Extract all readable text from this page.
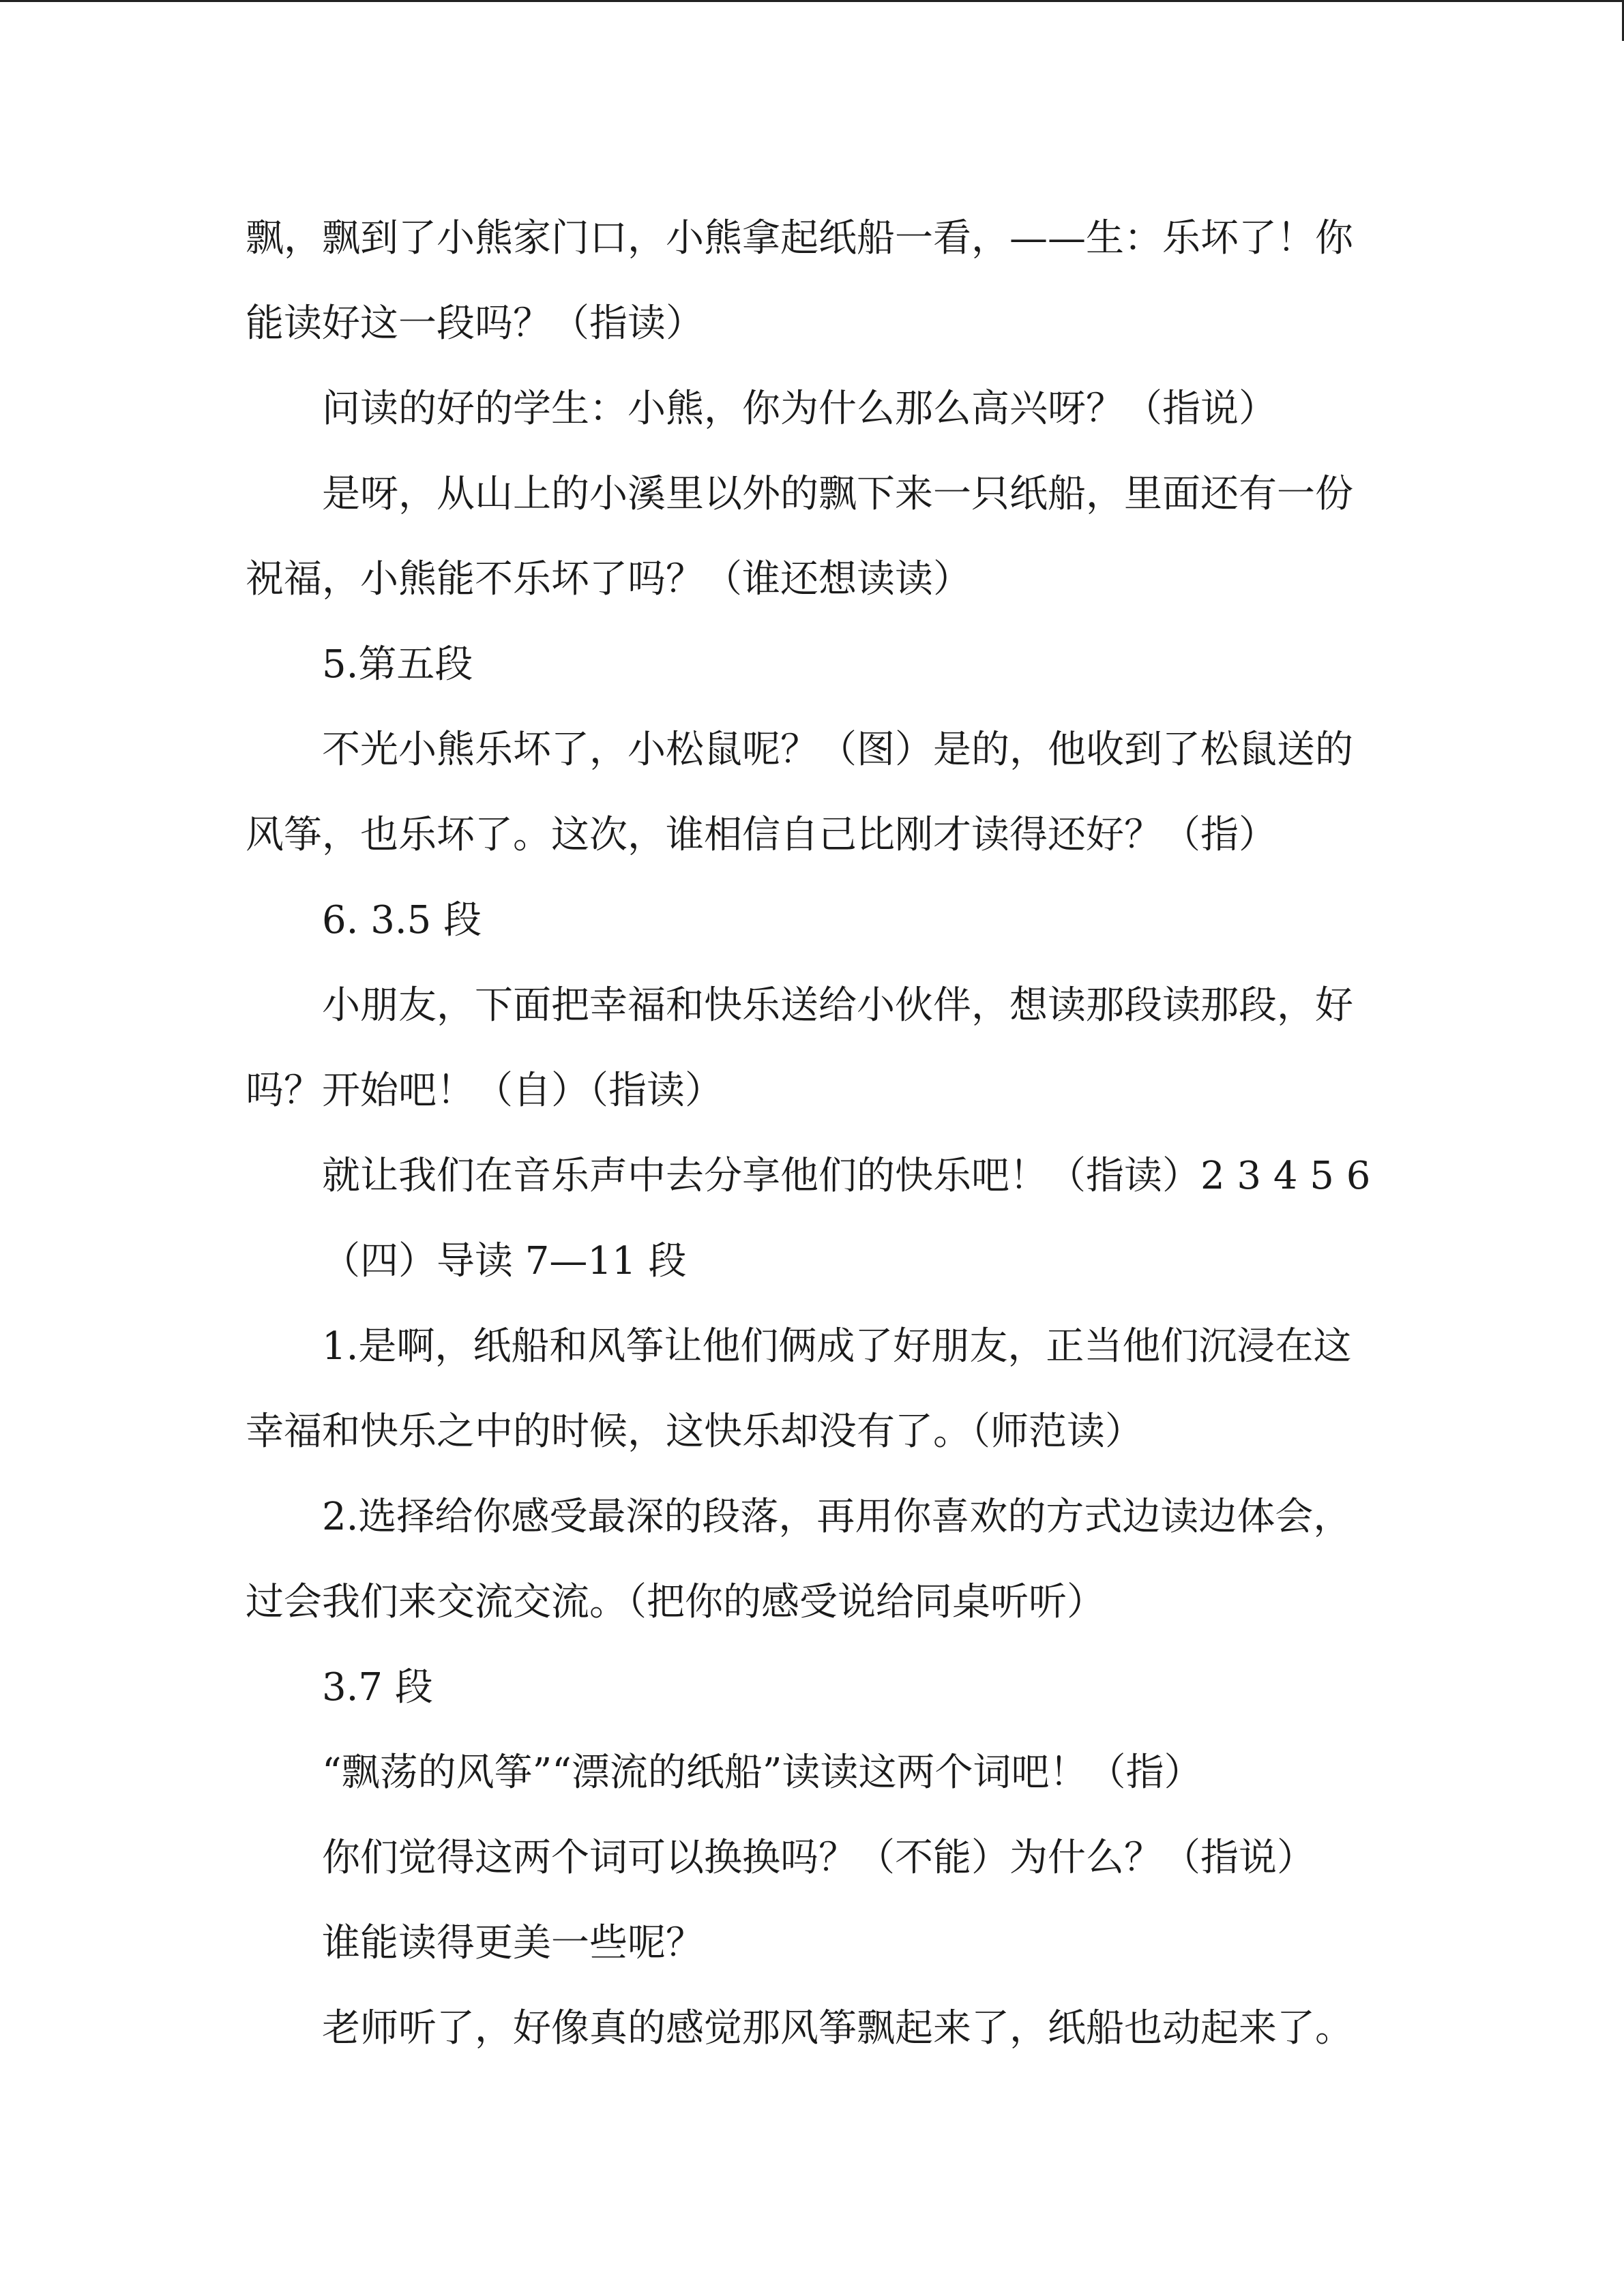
飘，飘到了小熊家门口，小熊拿起纸船一看，——生：乐坏了！你

能读好这一段吗？（指读）

问读的好的学生：小熊，你为什么那么高兴呀？（指说）

是呀，从山上的小溪里以外的飘下来一只纸船，里面还有一份

祝福，小熊能不乐坏了吗？（谁还想读读）

5.第五段

不光小熊乐坏了，小松鼠呢？（图）是的，他收到了松鼠送的

风筝，也乐坏了。这次，谁相信自己比刚才读得还好？（指）

6. 3.5 段

小朋友，下面把幸福和快乐送给小伙伴，想读那段读那段，好

吗？开始吧！（自）（指读）

就让我们在音乐声中去分享他们的快乐吧！（指读）2 3 4 5 6

（四）导读 7—11 段

1.是啊，纸船和风筝让他们俩成了好朋友，正当他们沉浸在这

幸福和快乐之中的时候，这快乐却没有了。（师范读）

2.选择给你感受最深的段落，再用你喜欢的方式边读边体会，

过会我们来交流交流。（把你的感受说给同桌听听）

3.7 段

“飘荡的风筝”“漂流的纸船”读读这两个词吧！（指）

你们觉得这两个词可以换换吗？（不能）为什么？（指说）

谁能读得更美一些呢？

老师听了，好像真的感觉那风筝飘起来了，纸船也动起来了。
